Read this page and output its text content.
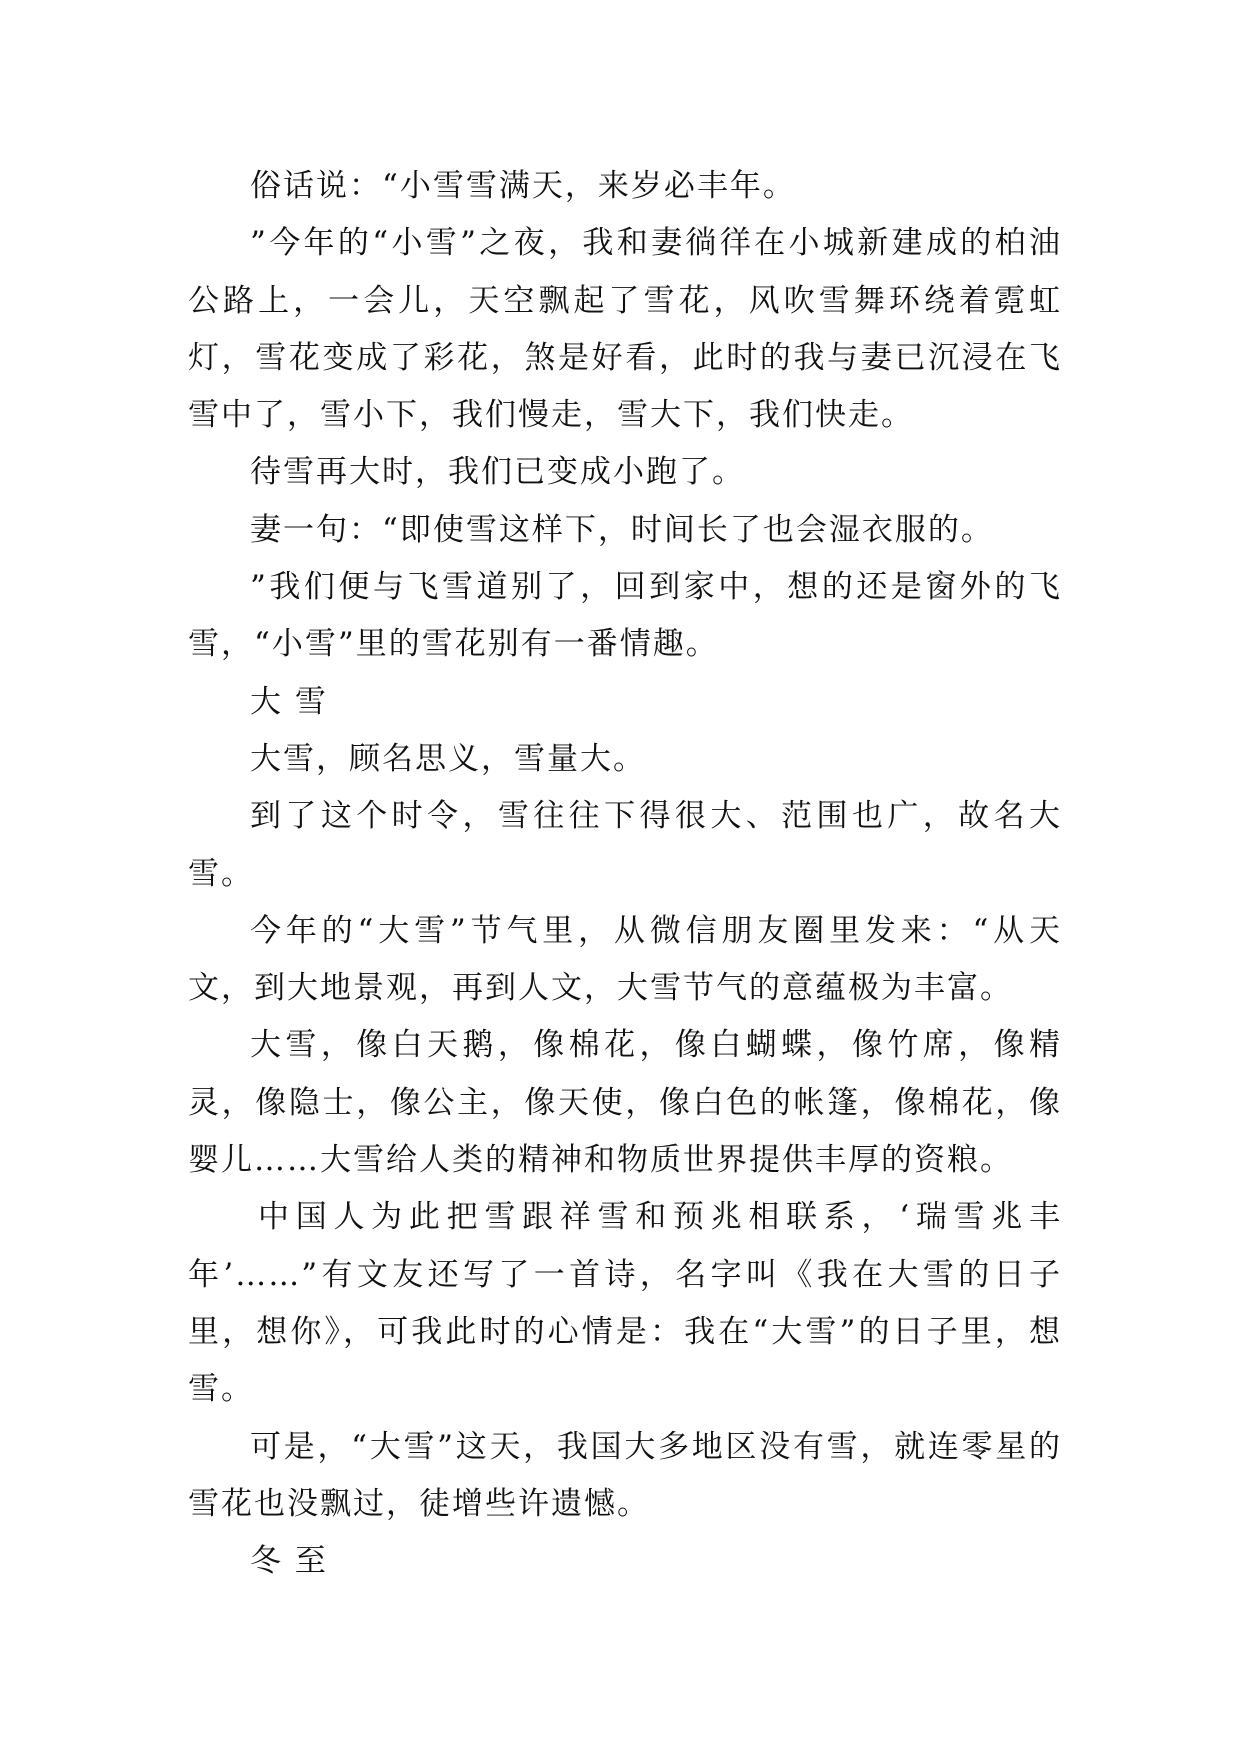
俗话说：“小雪雪满天，来岁必丰年。

”今年的“小雪”之夜，我和妻徜徉在小城新建成的柏油公路上，一会儿，天空飘起了雪花，风吹雪舞环绕着霓虹灯，雪花变成了彩花，煞是好看，此时的我与妻已沉浸在飞雪中了，雪小下，我们慢走，雪大下，我们快走。

待雪再大时，我们已变成小跑了。

妻一句：“即使雪这样下，时间长了也会湿衣服的。

”我们便与飞雪道别了，回到家中，想的还是窗外的飞雪，“小雪”里的雪花别有一番情趣。

大 雪

大雪，顾名思义，雪量大。

到了这个时令，雪往往下得很大、范围也广，故名大雪。

今年的“大雪”节气里，从微信朋友圈里发来：“从天文，到大地景观，再到人文，大雪节气的意蕴极为丰富。

大雪，像白天鹅，像棉花，像白蝴蝶，像竹席，像精灵，像隐士，像公主，像天使，像白色的帐篷，像棉花，像婴儿……大雪给人类的精神和物质世界提供丰厚的资粮。

中国人为此把雪跟祥雪和预兆相联系，‘瑞雪兆丰年’……”有文友还写了一首诗，名字叫《我在大雪的日子里，想你》，可我此时的心情是：我在“大雪”的日子里，想雪。

可是，“大雪”这天，我国大多地区没有雪，就连零星的雪花也没飘过，徒增些许遗憾。

冬 至
